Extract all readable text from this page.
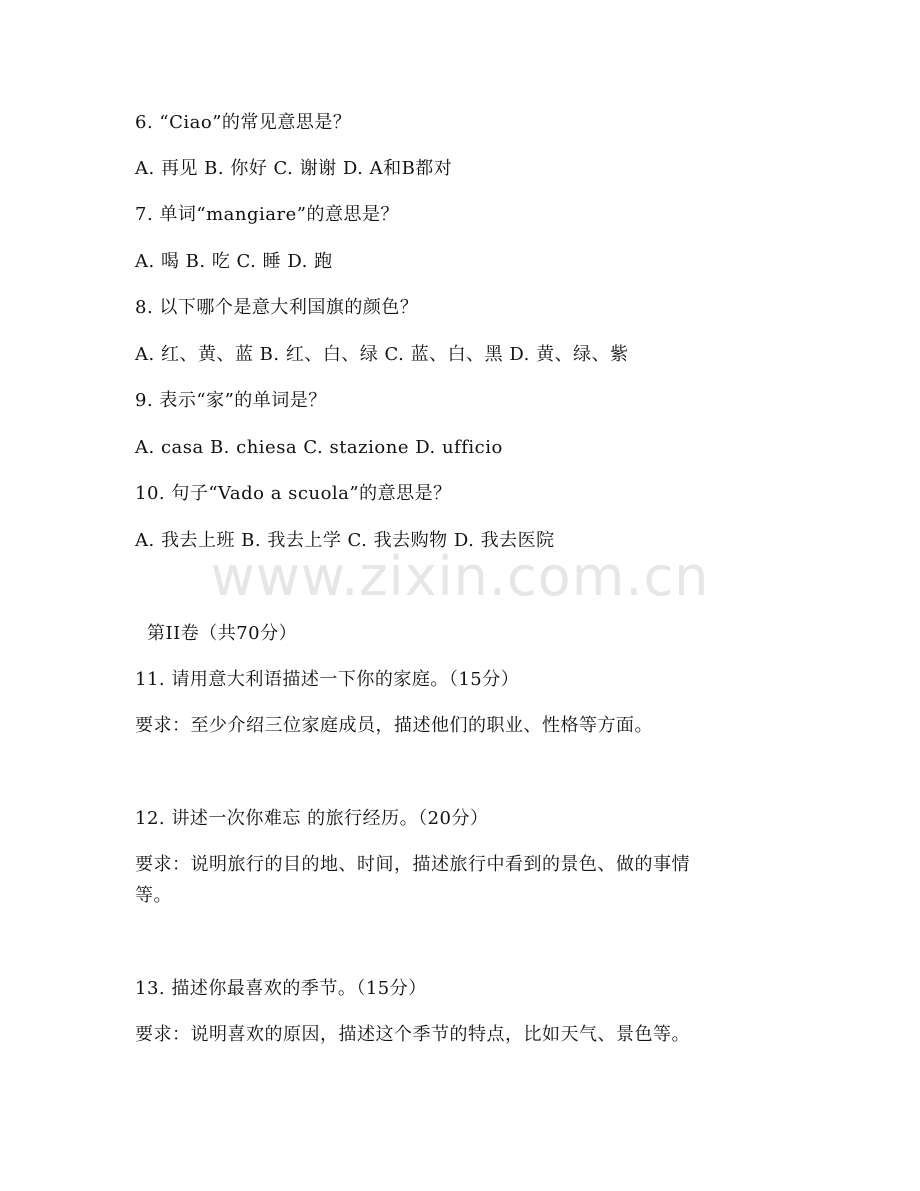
6. “Ciao”的常见意思是？
A. 再见 B. 你好 C. 谢谢 D. A和B都对
7. 单词“mangiare”的意思是？
A. 喝 B. 吃 C. 睡 D. 跑
8. 以下哪个是意大利国旗的颜色？
A. 红、黄、蓝 B. 红、白、绿 C. 蓝、白、黑 D. 黄、绿、紫
9. 表示“家”的单词是？
A. casa B. chiesa C. stazione D. ufficio
10. 句子“Vado a scuola”的意思是？
A. 我去上班 B. 我去上学 C. 我去购物 D. 我去医院
www.zixin.com.cn
第II卷（共70分）
11. 请用意大利语描述一下你的家庭。（15分）
要求：至少介绍三位家庭成员，描述他们的职业、性格等方面。
12. 讲述一次你难忘 的旅行经历。（20分）
要求：说明旅行的目的地、时间，描述旅行中看到的景色、做的事情
等。
13. 描述你最喜欢的季节。（15分）
要求：说明喜欢的原因，描述这个季节的特点，比如天气、景色等。
